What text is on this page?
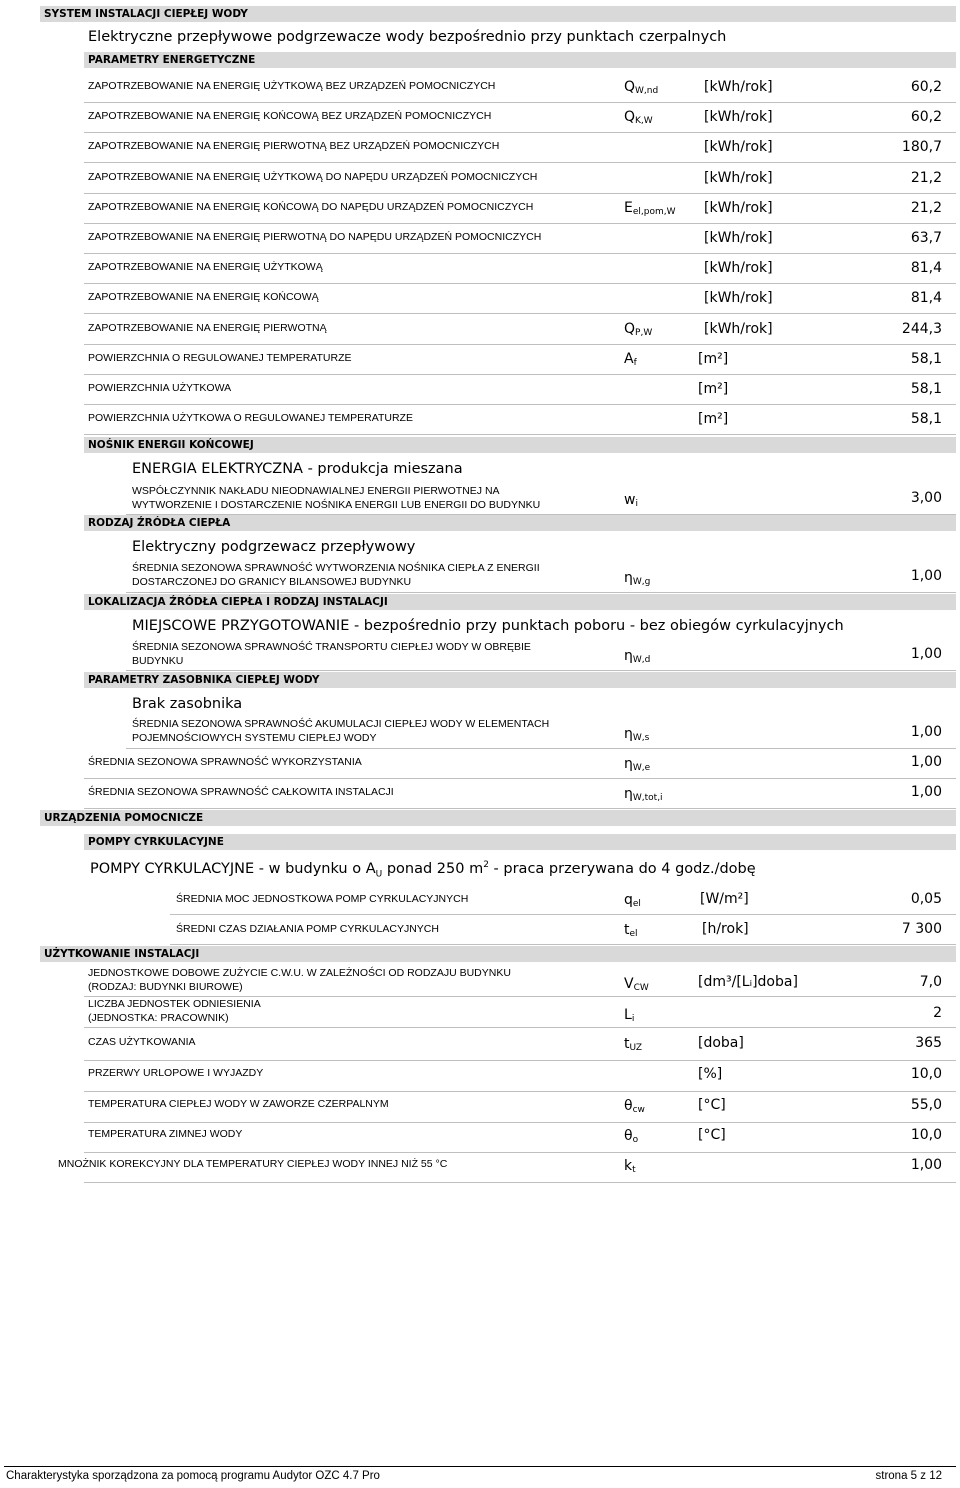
SYSTEM INSTALACJI CIEPŁEJ WODY
Elektryczne przepływowe podgrzewacze wody bezpośrednio przy punktach czerpalnych
PARAMETRY ENERGETYCZNE
ZAPOTRZEBOWANIE NA ENERGIĘ UŻYTKOWĄ BEZ URZĄDZEŃ POMOCNICZYCH	$Q_{W,nd}$	[kWh/rok]	60,2
ZAPOTRZEBOWANIE NA ENERGIĘ KOŃCOWĄ BEZ URZĄDZEŃ POMOCNICZYCH	$Q_{K,W}$	[kWh/rok]	60,2
ZAPOTRZEBOWANIE NA ENERGIĘ PIERWOTNĄ BEZ URZĄDZEŃ POMOCNICZYCH	[kWh/rok]	180,7
ZAPOTRZEBOWANIE NA ENERGIĘ UŻYTKOWĄ DO NAPĘDU URZĄDZEŃ POMOCNICZYCH	[kWh/rok]	21,2
ZAPOTRZEBOWANIE NA ENERGIĘ KOŃCOWĄ DO NAPĘDU URZĄDZEŃ POMOCNICZYCH	$E_{el,pom,W}$ [kWh/rok]	21,2
ZAPOTRZEBOWANIE NA ENERGIĘ PIERWOTNĄ DO NAPĘDU URZĄDZEŃ POMOCNICZYCH	[kWh/rok]	63,7
ZAPOTRZEBOWANIE NA ENERGIĘ UŻYTKOWĄ	[kWh/rok]	81,4
ZAPOTRZEBOWANIE NA ENERGIĘ KOŃCOWĄ	[kWh/rok]	81,4
ZAPOTRZEBOWANIE NA ENERGIĘ PIERWOTNĄ	$Q_{P,W}$	[kWh/rok]	244,3
POWIERZCHNIA O REGULOWANEJ TEMPERATURZE	$A_f$	[m²]	58,1
POWIERZCHNIA UŻYTKOWA	[m²]	58,1
POWIERZCHNIA UŻYTKOWA O REGULOWANEJ TEMPERATURZE	[m²]	58,1
NOŚNIK ENERGII KOŃCOWEJ
ENERGIA ELEKTRYCZNA - produkcja mieszana
WSPÓŁCZYNNIK NAKŁADU NIEODNAWIALNEJ ENERGII PIERWOTNEJ NA
WYTWORZENIE I DOSTARCZENIE NOŚNIKA ENERGII LUB ENERGII DO BUDYNKU	$w_i$	3,00
RODZAJ ŹRÓDŁA CIEPŁA
Elektryczny podgrzewacz przepływowy
ŚREDNIA SEZONOWA SPRAWNOŚĆ WYTWORZENIA NOŚNIKA CIEPŁA Z ENERGII
DOSTARCZONEJ DO GRANICY BILANSOWEJ BUDYNKU	$\eta_{W,g}$	1,00
LOKALIZACJA ŹRÓDŁA CIEPŁA I RODZAJ INSTALACJI
MIEJSCOWE PRZYGOTOWANIE - bezpośrednio przy punktach poboru - bez obiegów cyrkulacyjnych
ŚREDNIA SEZONOWA SPRAWNOŚĆ TRANSPORTU CIEPŁEJ WODY W OBRĘBIE
BUDYNKU	$\eta_{W,d}$	1,00
PARAMETRY ZASOBNIKA CIEPŁEJ WODY
Brak zasobnika
ŚREDNIA SEZONOWA SPRAWNOŚĆ AKUMULACJI CIEPŁEJ WODY W ELEMENTACH
POJEMNOŚCIOWYCH SYSTEMU CIEPŁEJ WODY	$\eta_{W,s}$	1,00
ŚREDNIA SEZONOWA SPRAWNOŚĆ WYKORZYSTANIA	$\eta_{W,e}$	1,00
ŚREDNIA SEZONOWA SPRAWNOŚĆ CAŁKOWITA INSTALACJI	$\eta_{W,tot,i}$	1,00
URZĄDZENIA POMOCNICZE
POMPY CYRKULACYJNE
POMPY CYRKULACYJNE - w budynku o $A_U$ ponad 250 $m^2$ - praca przerywana do 4 godz./dobę
ŚREDNIA MOC JEDNOSTKOWA POMP CYRKULACYJNYCH	$q_{el}$	[W/m²]	0,05
ŚREDNI CZAS DZIAŁANIA POMP CYRKULACYJNYCH	$t_{el}$	[h/rok]	7 300
UŻYTKOWANIE INSTALACJI
JEDNOSTKOWE DOBOWE ZUŻYCIE C.W.U. W ZALEŻNOŚCI OD RODZAJU BUDYNKU
(RODZAJ: BUDYNKI BIUROWE)	$V_{CW}$	[dm³/[Lᵢ]doba]	7,0
LICZBA JEDNOSTEK ODNIESIENIA
(JEDNOSTKA: PRACOWNIK)	$L_i$	2
CZAS UŻYTKOWANIA	$t_{UZ}$	[doba]	365
PRZERWY URLOPOWE I WYJAZDY	[%]	10,0
TEMPERATURA CIEPŁEJ WODY W ZAWORZE CZERPALNYM	$\theta_{cw}$	[°C]	55,0
TEMPERATURA ZIMNEJ WODY	$\theta_o$	[°C]	10,0
MNOŻNIK KOREKCYJNY DLA TEMPERATURY CIEPŁEJ WODY INNEJ NIŻ 55 °C	$k_t$	1,00
Charakterystyka sporządzona za pomocą programu Audytor OZC 4.7 Pro	strona 5 z 12
